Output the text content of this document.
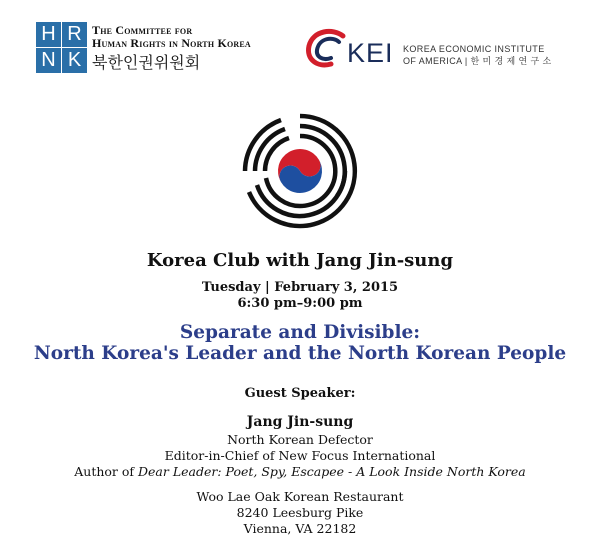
H R
N K
The Committee for
Human Rights in North Korea
북한인권위원회	KEI KOREA ECONOMIC INSTITUTE
OF AMERICA | 한 미 경 제 연 구 소
Korea Club with Jang Jin-sung
Tuesday | February 3, 2015
6:30 pm–9:00 pm
Separate and Divisible:
North Korea's Leader and the North Korean People
Guest Speaker:
Jang Jin-sung
North Korean Defector
Editor-in-Chief of New Focus International
Author of Dear Leader: Poet, Spy, Escapee - A Look Inside North Korea
Woo Lae Oak Korean Restaurant
8240 Leesburg Pike
Vienna, VA 22182
